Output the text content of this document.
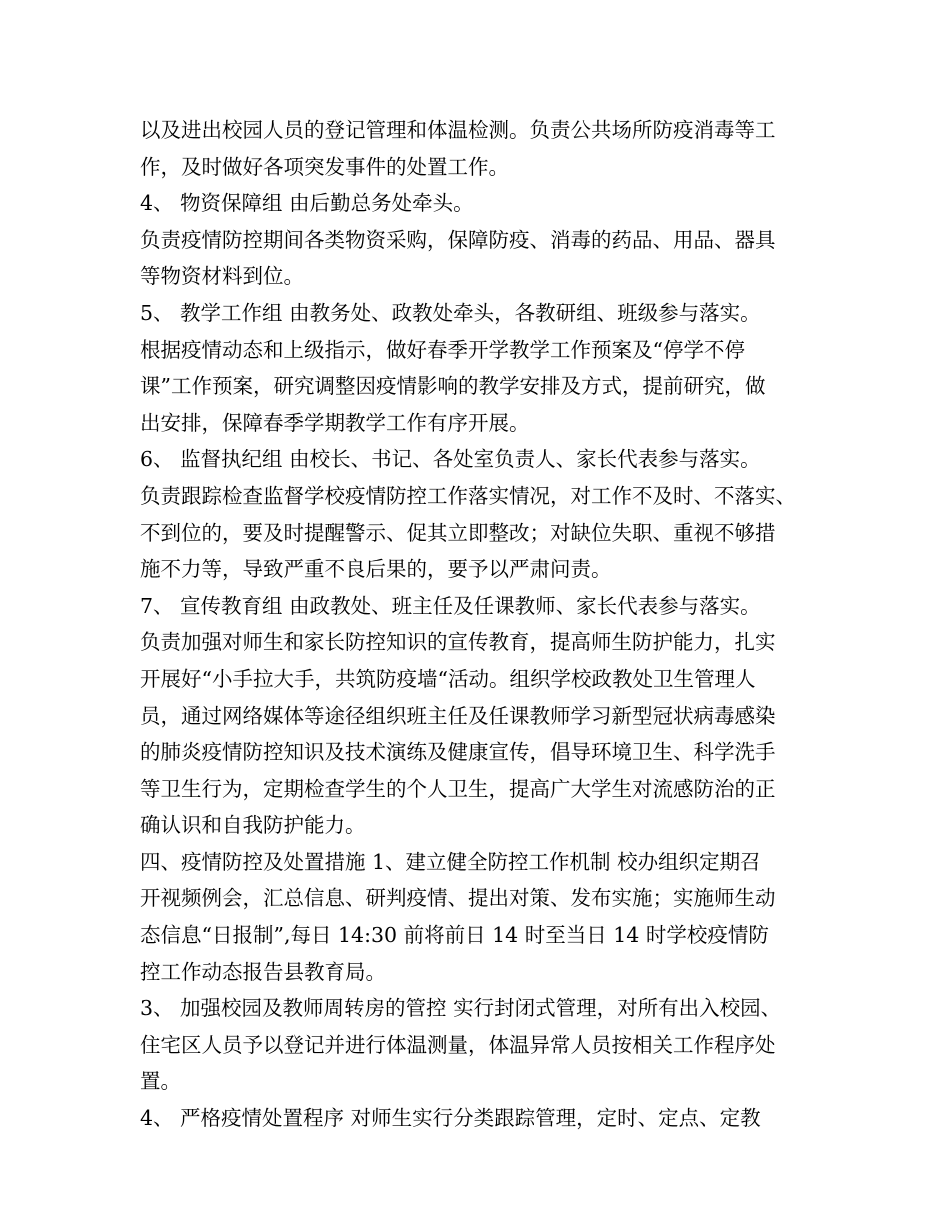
以及进出校园人员的登记管理和体温检测。负责公共场所防疫消毒等工
作，及时做好各项突发事件的处置工作。
4、 物资保障组 由后勤总务处牵头。
负责疫情防控期间各类物资采购，保障防疫、消毒的药品、用品、器具
等物资材料到位。
5、 教学工作组 由教务处、政教处牵头，各教研组、班级参与落实。
根据疫情动态和上级指示，做好春季开学教学工作预案及“停学不停
课”工作预案，研究调整因疫情影响的教学安排及方式，提前研究，做
出安排，保障春季学期教学工作有序开展。
6、 监督执纪组 由校长、书记、各处室负责人、家长代表参与落实。
负责跟踪检查监督学校疫情防控工作落实情况，对工作不及时、不落实、
不到位的，要及时提醒警示、促其立即整改；对缺位失职、重视不够措
施不力等，导致严重不良后果的，要予以严肃问责。
7、 宣传教育组 由政教处、班主任及任课教师、家长代表参与落实。
负责加强对师生和家长防控知识的宣传教育，提高师生防护能力，扎实
开展好“小手拉大手，共筑防疫墙“活动。组织学校政教处卫生管理人
员，通过网络媒体等途径组织班主任及任课教师学习新型冠状病毒感染
的肺炎疫情防控知识及技术演练及健康宣传，倡导环境卫生、科学洗手
等卫生行为，定期检查学生的个人卫生，提高广大学生对流感防治的正
确认识和自我防护能力。
四、疫情防控及处置措施 1、建立健全防控工作机制 校办组织定期召
开视频例会，汇总信息、研判疫情、提出对策、发布实施；实施师生动
态信息“日报制”,每日 14:30 前将前日 14 时至当日 14 时学校疫情防
控工作动态报告县教育局。
3、 加强校园及教师周转房的管控 实行封闭式管理，对所有出入校园、
住宅区人员予以登记并进行体温测量，体温异常人员按相关工作程序处
置。
4、 严格疫情处置程序 对师生实行分类跟踪管理，定时、定点、定教
